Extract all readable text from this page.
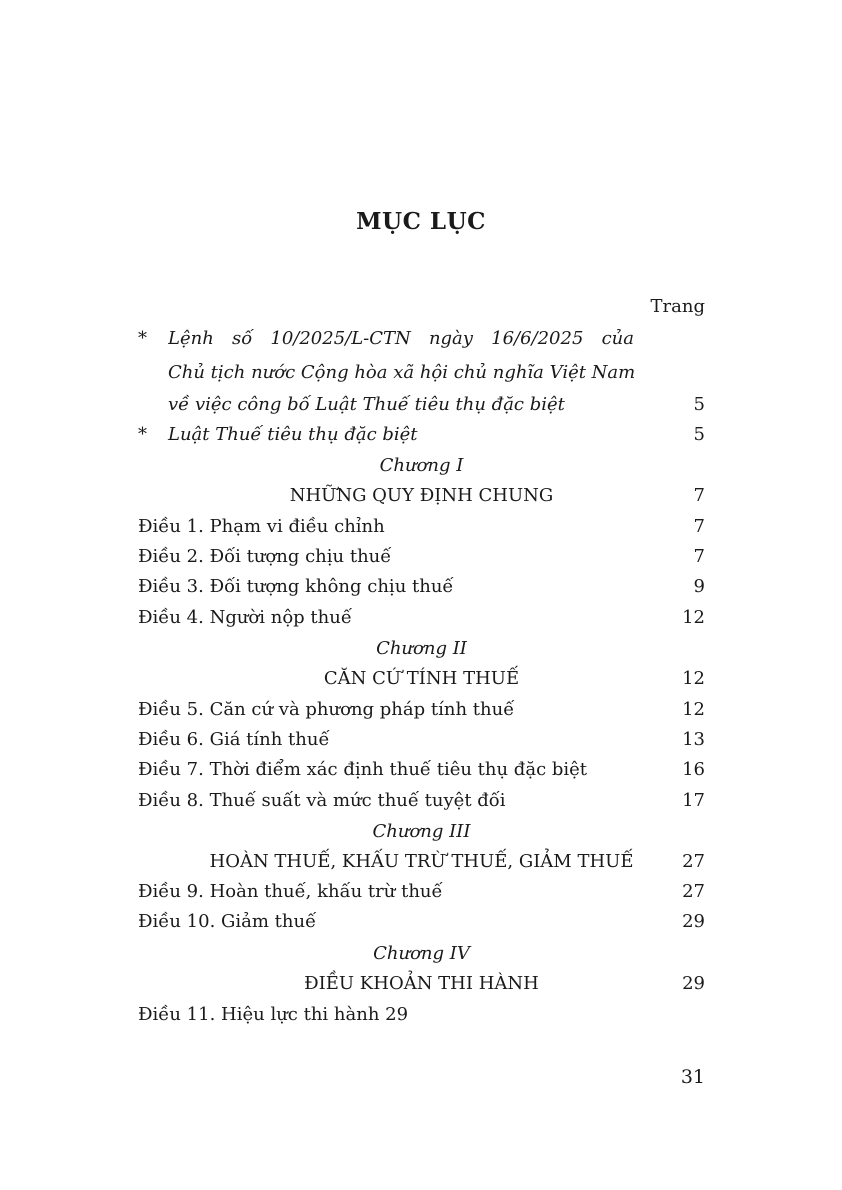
MỤC LỤC
Trang
* Lệnh số 10/2025/L-CTN ngày 16/6/2025 của
Chủ tịch nước Cộng hòa xã hội chủ nghĩa Việt Nam
về việc công bố Luật Thuế tiêu thụ đặc biệt	5
* Luật Thuế tiêu thụ đặc biệt	5
Chương I
NHỮNG QUY ĐỊNH CHUNG	7
Điều 1. Phạm vi điều chỉnh	7
Điều 2. Đối tượng chịu thuế	7
Điều 3. Đối tượng không chịu thuế	9
Điều 4. Người nộp thuế	12
Chương II
CĂN CỨ TÍNH THUẾ	12
Điều 5. Căn cứ và phương pháp tính thuế	12
Điều 6. Giá tính thuế	13
Điều 7. Thời điểm xác định thuế tiêu thụ đặc biệt	16
Điều 8. Thuế suất và mức thuế tuyệt đối	17
Chương III
HOÀN THUẾ, KHẤU TRỪ THUẾ, GIẢM THUẾ	27
Điều 9. Hoàn thuế, khấu trừ thuế	27
Điều 10. Giảm thuế	29
Chương IV
ĐIỀU KHOẢN THI HÀNH	29
Điều 11. Hiệu lực thi hành 29
31
